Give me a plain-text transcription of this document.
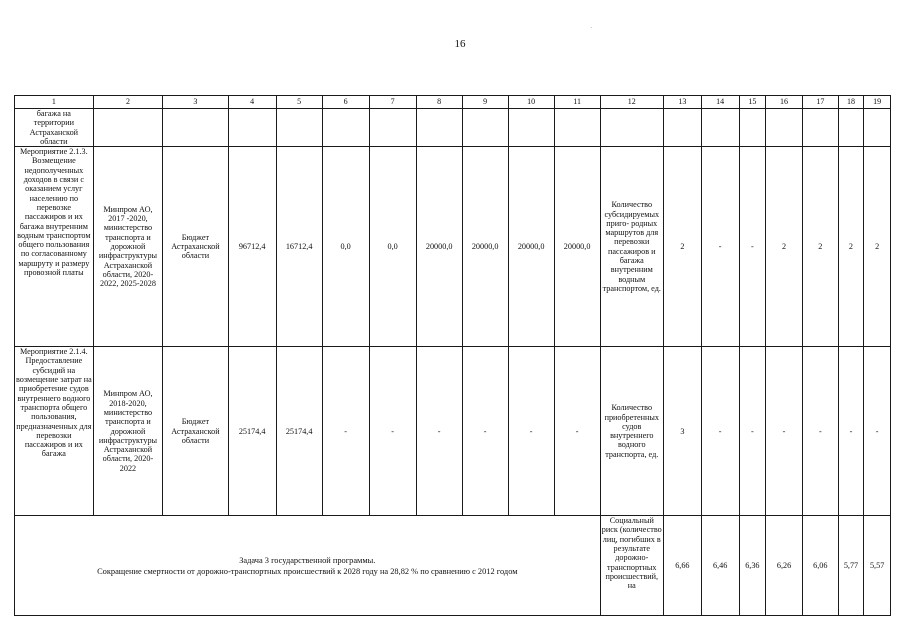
16
·
1	2	3	4	5	6	7	8	9	10	11	12	13	14	15	16	17	18	19
багажа на территории Астраханской области																		
Мероприятие 2.1.3. Возмещение недополученных доходов в связи с оказанием услуг населению по перевозке пассажиров и их багажа внутренним водным транспортом общего пользования по согласованному маршруту и размеру провозной платы	Минпром АО, 2017 -2020, министерство транспорта и дорожной инфраструктуры Астраханской области, 2020-2022, 2025-2028	Бюджет Астраханской области	96712,4	16712,4	0,0	0,0	20000,0	20000,0	20000,0	20000,0	Количество субсидируемых приго- родных маршрутов для перевозки пассажиров и багажа внутренним водным транспортом, ед.	2	-	-	2	2	2	2
Мероприятие 2.1.4. Предоставление субсидий на возмещение затрат на приобретение судов внутреннего водного транспорта общего пользования, предназначенных для перевозки пассажиров и их багажа	Минпром АО, 2018-2020, министерство транспорта и дорожной инфраструктуры Астраханской области, 2020-2022	Бюджет Астраханской области	25174,4	25174,4	-	-	-	-	-	-	Количество приобретенных судов внутреннего водного транспорта, ед.	3	-	-	-	-	-	-

Задача 3 государственной программы.
Сокращение смертности от дорожно-транспортных происшествий к 2028 году на 28,82 % по сравнению с 2012 годом											Социальный риск (количество лиц, погибших в результате дорожно-транспортных происшествий, на	6,66	6,46	6,36	6,26	6,06	5,77	5,57
